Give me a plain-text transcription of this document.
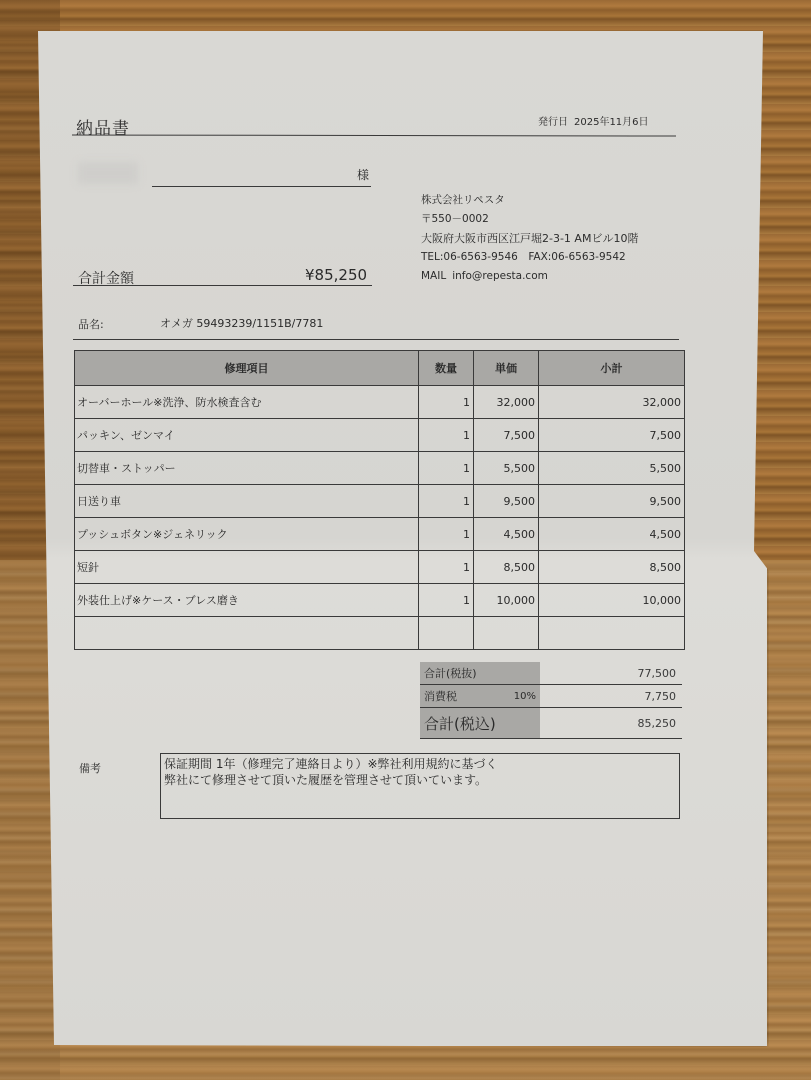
納品書	発行日 2025年11月6日
様
合計金額	¥85,250
株式会社リペスタ
〒550－0002
大阪府大阪市西区江戸堀2-3-1 AMビル10階
TEL:06-6563-9546　FAX:06-6563-9542
MAIL info@repesta.com
品名:	オメガ 59493239/1151B/7781
修理項目	数量	単価	小計
オーバーホール※洗浄、防水検査含む	1	32,000	32,000
パッキン、ゼンマイ	1	7,500	7,500
切替車・ストッパー	1	5,500	5,500
日送り車	1	9,500	9,500
プッシュボタン※ジェネリック	1	4,500	4,500
短針	1	8,500	8,500
外装仕上げ※ケース・ブレス磨き	1	10,000	10,000

合計(税抜)	77,500
消費税	10%	7,750
合計(税込)	85,250
備考	保証期間 1年（修理完了連絡日より）※弊社利用規約に基づく
弊社にて修理させて頂いた履歴を管理させて頂いています。
